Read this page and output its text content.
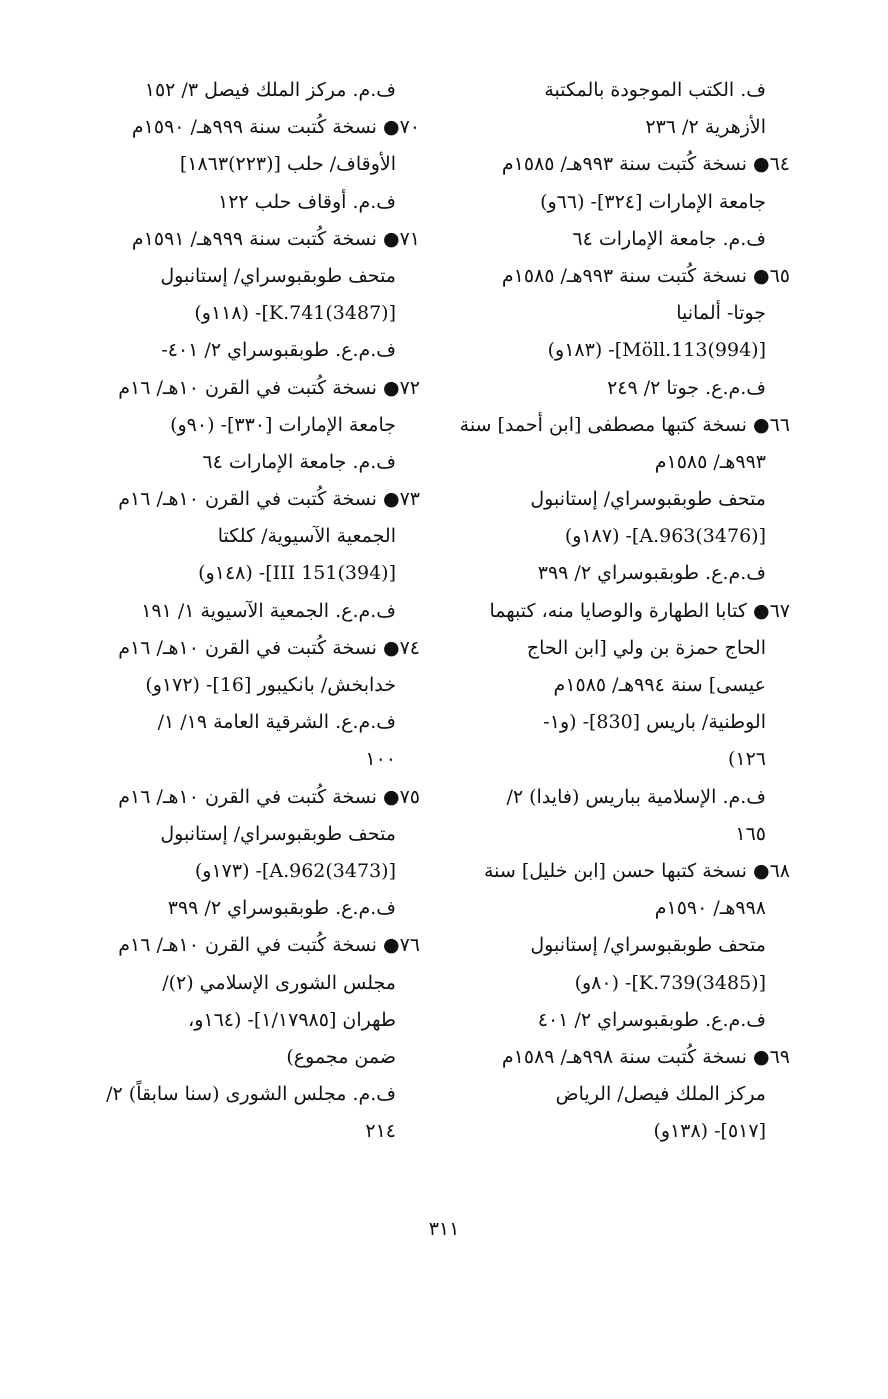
ف. الكتب الموجودة بالمكتبة
الأزهرية ٢/ ٢٣٦
٦٤● نسخة كُتبت سنة ٩٩٣هـ/ ١٥٨٥م
جامعة الإمارات [٣٢٤]- (٦٦و)
ف.م. جامعة الإمارات ٦٤
٦٥● نسخة كُتبت سنة ٩٩٣هـ/ ١٥٨٥م
جوتا- ألمانيا
[Möll.113(994)]- (١٨٣و)
ف.م.ع. جوتا ٢/ ٢٤٩
٦٦● نسخة كتبها مصطفى [ابن أحمد] سنة
٩٩٣هـ/ ١٥٨٥م
متحف طوبقبوسراي/ إستانبول
[A.963(3476)]- (١٨٧و)
ف.م.ع. طوبقبوسراي ٢/ ٣٩٩
٦٧● كتابا الطهارة والوصايا منه، كتبهما
الحاج حمزة بن ولي [ابن الحاج
عيسى] سنة ٩٩٤هـ/ ١٥٨٥م
الوطنية/ باريس [830]- (و١-
١٢٦)
ف.م. الإسلامية بباريس (فايدا) ٢/
١٦٥
٦٨● نسخة كتبها حسن [ابن خليل] سنة
٩٩٨هـ/ ١٥٩٠م
متحف طوبقبوسراي/ إستانبول
[K.739(3485)]- (٨٠و)
ف.م.ع. طوبقبوسراي ٢/ ٤٠١
٦٩● نسخة كُتبت سنة ٩٩٨هـ/ ١٥٨٩م
مركز الملك فيصل/ الرياض
[٥١٧]- (١٣٨و)
ف.م. مركز الملك فيصل ٣/ ١٥٢
٧٠● نسخة كُتبت سنة ٩٩٩هـ/ ١٥٩٠م
الأوقاف/ حلب [(٢٢٣)١٨٦٣]
ف.م. أوقاف حلب ١٢٢
٧١● نسخة كُتبت سنة ٩٩٩هـ/ ١٥٩١م
متحف طوبقبوسراي/ إستانبول
[K.741(3487)]- (١١٨و)
ف.م.ع. طوبقبوسراي ٢/ ٤٠١-
٧٢● نسخة كُتبت في القرن ١٠هـ/ ١٦م
جامعة الإمارات [٣٣٠]- (٩٠و)
ف.م. جامعة الإمارات ٦٤
٧٣● نسخة كُتبت في القرن ١٠هـ/ ١٦م
الجمعية الآسيوية/ كلكتا
[III 151(394)]- (١٤٨و)
ف.م.ع. الجمعية الآسيوية ١/ ١٩١
٧٤● نسخة كُتبت في القرن ١٠هـ/ ١٦م
خدابخش/ بانكيبور [16]- (١٧٢و)
ف.م.ع. الشرقية العامة ١٩/ ١/
١٠٠
٧٥● نسخة كُتبت في القرن ١٠هـ/ ١٦م
متحف طوبقبوسراي/ إستانبول
[A.962(3473)]- (١٧٣و)
ف.م.ع. طوبقبوسراي ٢/ ٣٩٩
٧٦● نسخة كُتبت في القرن ١٠هـ/ ١٦م
مجلس الشورى الإسلامي (٢)/
طهران [١/١٧٩٨٥]- (١٦٤و،
ضمن مجموع)
ف.م. مجلس الشورى (سنا سابقاً) ٢/
٢١٤
٣١١
